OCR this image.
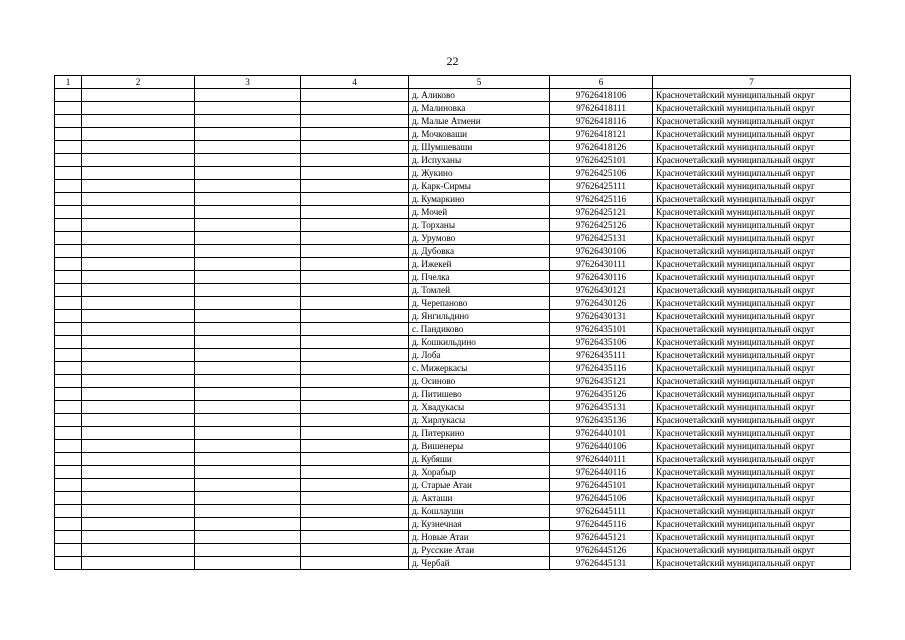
22
1	2	3	4	5	6	7
				д. Аликово	97626418106	Красночетайский муниципальный округ
				д. Малиновка	97626418111	Красночетайский муниципальный округ
				д. Малые Атмени	97626418116	Красночетайский муниципальный округ
				д. Мочковаши	97626418121	Красночетайский муниципальный округ
				д. Шумшеваши	97626418126	Красночетайский муниципальный округ
				д. Испуханы	97626425101	Красночетайский муниципальный округ
				д. Жукино	97626425106	Красночетайский муниципальный округ
				д. Карк-Сирмы	97626425111	Красночетайский муниципальный округ
				д. Кумаркино	97626425116	Красночетайский муниципальный округ
				д. Мочей	97626425121	Красночетайский муниципальный округ
				д. Торханы	97626425126	Красночетайский муниципальный округ
				д. Урумово	97626425131	Красночетайский муниципальный округ
				д. Дубовка	97626430106	Красночетайский муниципальный округ
				д. Ижекей	97626430111	Красночетайский муниципальный округ
				д. Пчелка	97626430116	Красночетайский муниципальный округ
				д. Томлей	97626430121	Красночетайский муниципальный округ
				д. Черепаново	97626430126	Красночетайский муниципальный округ
				д. Янгильдино	97626430131	Красночетайский муниципальный округ
				с. Пандиково	97626435101	Красночетайский муниципальный округ
				д. Кошкильдино	97626435106	Красночетайский муниципальный округ
				д. Лоба	97626435111	Красночетайский муниципальный округ
				с. Мижеркасы	97626435116	Красночетайский муниципальный округ
				д. Осиново	97626435121	Красночетайский муниципальный округ
				д. Питишево	97626435126	Красночетайский муниципальный округ
				д. Хвадукасы	97626435131	Красночетайский муниципальный округ
				д. Хирлукасы	97626435136	Красночетайский муниципальный округ
				д. Питеркино	97626440101	Красночетайский муниципальный округ
				д. Вишенеры	97626440106	Красночетайский муниципальный округ
				д. Кубяши	97626440111	Красночетайский муниципальный округ
				д. Хорабыр	97626440116	Красночетайский муниципальный округ
				д. Старые Атаи	97626445101	Красночетайский муниципальный округ
				д. Акташи	97626445106	Красночетайский муниципальный округ
				д. Кошлауши	97626445111	Красночетайский муниципальный округ
				д. Кузнечная	97626445116	Красночетайский муниципальный округ
				д. Новые Атаи	97626445121	Красночетайский муниципальный округ
				д. Русские Атаи	97626445126	Красночетайский муниципальный округ
				д. Чербай	97626445131	Красночетайский муниципальный округ
